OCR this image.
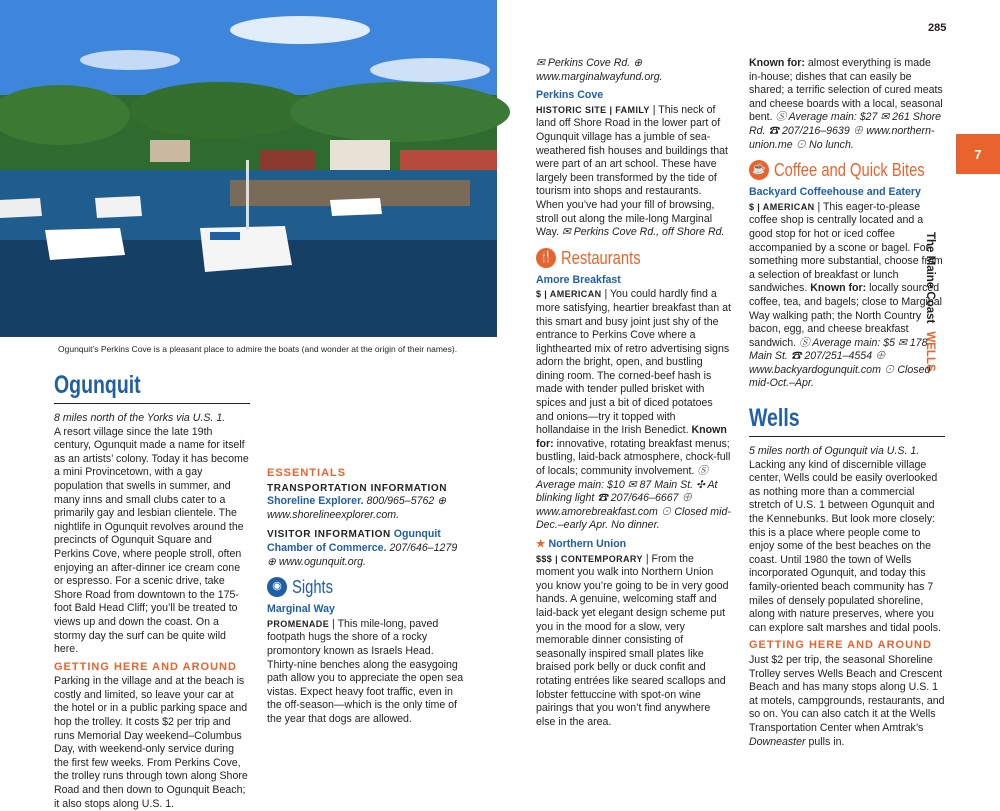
Ogunquit’s Perkins Cove is a pleasant place to admire the boats (and wonder at the origin of their names).
285
7
The Maine CoastWELLS
Ogunquit

8 miles north of the Yorks via U.S. 1.

A resort village since the late 19th century, Ogunquit made a name for itself as an artists’ colony. Today it has become a mini Provincetown, with a gay population that swells in summer, and many inns and small clubs cater to a primarily gay and lesbian clientele. The nightlife in Ogunquit revolves around the precincts of Ogunquit Square and Perkins Cove, where people stroll, often enjoying an after-dinner ice cream cone or espresso. For a scenic drive, take Shore Road from downtown to the 175-foot Bald Head Cliff; you’ll be treated to views up and down the coast. On a stormy day the surf can be quite wild here.

GETTING HERE AND AROUND

Parking in the village and at the beach is costly and limited, so leave your car at the hotel or in a public parking space and hop the trolley. It costs $2 per trip and runs Memorial Day weekend–Columbus Day, with weekend-only service during the first few weeks. From Perkins Cove, the trolley runs through town along Shore Road and then down to Ogunquit Beach; it also stops along U.S. 1.

ESSENTIALS

TRANSPORTATION INFORMATION Shoreline Explorer. 800/965–5762 ⊕ www.shorelineexplorer.com.

VISITOR INFORMATION Ogunquit Chamber of Commerce. 207/646–1279 ⊕ www.ogunquit.org.

◉ Sights
Marginal Way

PROMENADE | This mile-long, paved footpath hugs the shore of a rocky promontory known as Israels Head. Thirty-nine benches along the easygoing path allow you to appreciate the open sea vistas. Expect heavy foot traffic, even in the off-season—which is the only time of the year that dogs are allowed.

✉ Perkins Cove Rd. ⊕ www.marginalwayfund.org.

Perkins Cove

HISTORIC SITE | FAMILY | This neck of land off Shore Road in the lower part of Ogunquit village has a jumble of sea-weathered fish houses and buildings that were part of an art school. These have largely been transformed by the tide of tourism into shops and restaurants. When you’ve had your fill of browsing, stroll out along the mile-long Marginal Way. ✉ Perkins Cove Rd., off Shore Rd.

🍴 Restaurants
Amore Breakfast

$ | AMERICAN | You could hardly find a more satisfying, heartier breakfast than at this smart and busy joint just shy of the entrance to Perkins Cove where a lighthearted mix of retro advertising signs adorn the bright, open, and bustling dining room. The corned-beef hash is made with tender pulled brisket with spices and just a bit of diced potatoes and onions—try it topped with hollandaise in the Irish Benedict. Known for: innovative, rotating breakfast menus; bustling, laid-back atmosphere, chock-full of locals; community involvement. Ⓢ Average main: $10 ✉ 87 Main St. ✣ At blinking light ☎ 207/646–6667 ⊕ www.amorebreakfast.com ⊙ Closed mid-Dec.–early Apr. No dinner.

★ Northern Union

$$$ | CONTEMPORARY | From the moment you walk into Northern Union you know you’re going to be in very good hands. A genuine, welcoming staff and laid-back yet elegant design scheme put you in the mood for a slow, very memorable dinner consisting of seasonally inspired small plates like braised pork belly or duck confit and rotating entrées like seared scallops and lobster fettuccine with spot-on wine pairings that you won’t find anywhere else in the area.

Known for: almost everything is made in-house; dishes that can easily be shared; a terrific selection of cured meats and cheese boards with a local, seasonal bent. Ⓢ Average main: $27 ✉ 261 Shore Rd. ☎ 207/216–9639 ⊕ www.northern-union.me ⊙ No lunch.

☕ Coffee and Quick Bites
Backyard Coffeehouse and Eatery

$ | AMERICAN | This eager-to-please coffee shop is centrally located and a good stop for hot or iced coffee accompanied by a scone or bagel. For something more substantial, choose from a selection of breakfast or lunch sandwiches. Known for: locally sourced coffee, tea, and bagels; close to Marginal Way walking path; the North Country bacon, egg, and cheese breakfast sandwich. Ⓢ Average main: $5 ✉ 178 Main St. ☎ 207/251–4554 ⊕ www.backyardogunquit.com ⊙ Closed mid-Oct.–Apr.

Wells

5 miles north of Ogunquit via U.S. 1.

Lacking any kind of discernible village center, Wells could be easily overlooked as nothing more than a commercial stretch of U.S. 1 between Ogunquit and the Kennebunks. But look more closely: this is a place where people come to enjoy some of the best beaches on the coast. Until 1980 the town of Wells incorporated Ogunquit, and today this family-oriented beach community has 7 miles of densely populated shoreline, along with nature preserves, where you can explore salt marshes and tidal pools.

GETTING HERE AND AROUND

Just $2 per trip, the seasonal Shoreline Trolley serves Wells Beach and Crescent Beach and has many stops along U.S. 1 at motels, campgrounds, restaurants, and so on. You can also catch it at the Wells Transportation Center when Amtrak’s Downeaster pulls in.
